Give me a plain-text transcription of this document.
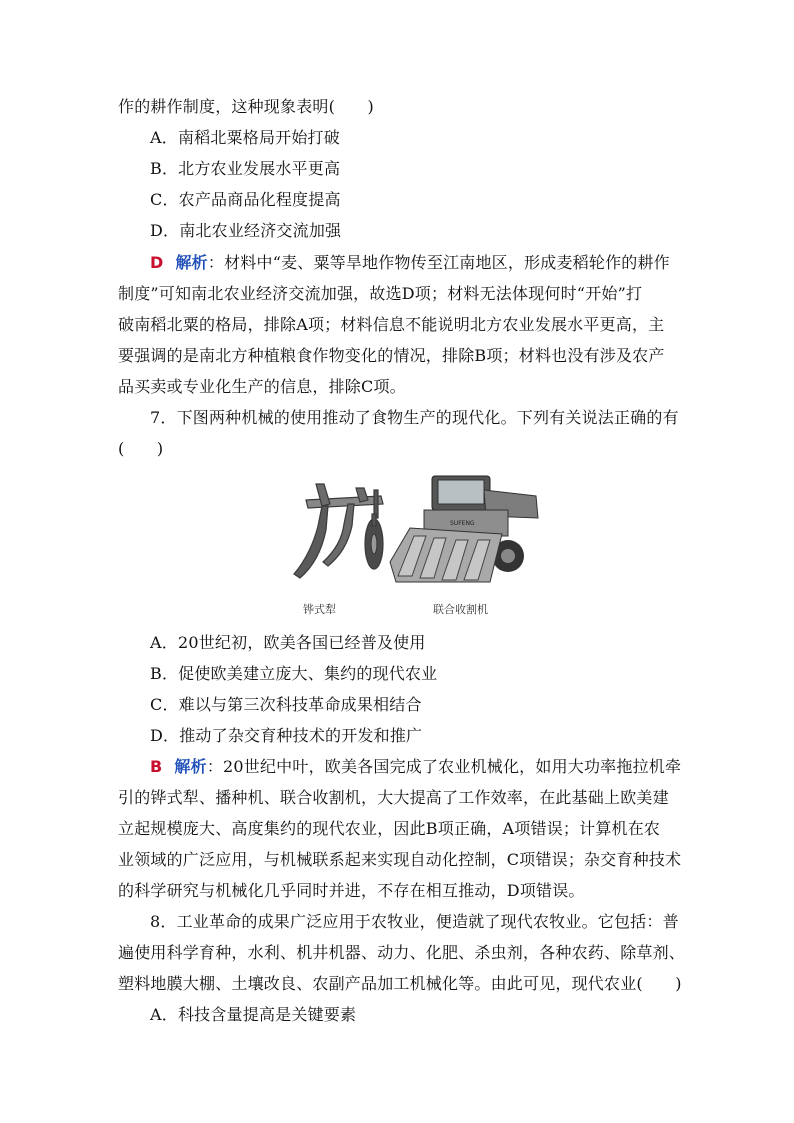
作的耕作制度，这种现象表明(　　)
A．南稻北粟格局开始打破
B．北方农业发展水平更高
C．农产品商品化程度提高
D．南北农业经济交流加强
D 解析：材料中“麦、粟等旱地作物传至江南地区，形成麦稻轮作的耕作
制度”可知南北农业经济交流加强，故选D项；材料无法体现何时“开始”打
破南稻北粟的格局，排除A项；材料信息不能说明北方农业发展水平更高，主
要强调的是南北方种植粮食作物变化的情况，排除B项；材料也没有涉及农产
品买卖或专业化生产的信息，排除C项。
7．下图两种机械的使用推动了食物生产的现代化。下列有关说法正确的有
(　　)
SUFENG
铧式犁	联合收割机
A．20世纪初，欧美各国已经普及使用
B．促使欧美建立庞大、集约的现代农业
C．难以与第三次科技革命成果相结合
D．推动了杂交育种技术的开发和推广
B 解析：20世纪中叶，欧美各国完成了农业机械化，如用大功率拖拉机牵
引的铧式犁、播种机、联合收割机，大大提高了工作效率，在此基础上欧美建
立起规模庞大、高度集约的现代农业，因此B项正确，A项错误；计算机在农
业领域的广泛应用，与机械联系起来实现自动化控制，C项错误；杂交育种技术
的科学研究与机械化几乎同时并进，不存在相互推动，D项错误。
8．工业革命的成果广泛应用于农牧业，便造就了现代农牧业。它包括：普
遍使用科学育种，水利、机井机器、动力、化肥、杀虫剂，各种农药、除草剂、
塑料地膜大棚、土壤改良、农副产品加工机械化等。由此可见，现代农业(　　)
A．科技含量提高是关键要素
